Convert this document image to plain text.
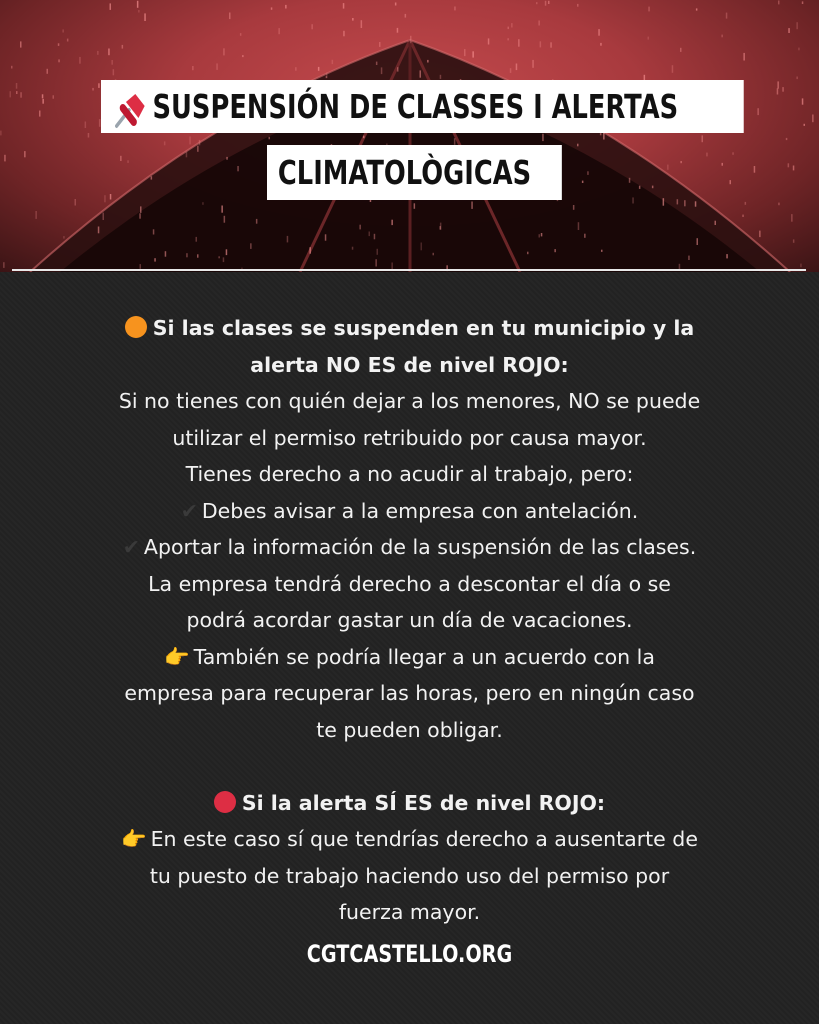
SUSPENSIÓN DE CLASSES I ALERTAS
CLIMATOLÒGICAS
Si las clases se suspenden en tu municipio y la
alerta NO ES de nivel ROJO:
Si no tienes con quién dejar a los menores, NO se puede
utilizar el permiso retribuido por causa mayor.
Tienes derecho a no acudir al trabajo, pero:
✔ Debes avisar a la empresa con antelación.
✔ Aportar la información de la suspensión de las clases.
La empresa tendrá derecho a descontar el día o se
podrá acordar gastar un día de vacaciones.
👉 También se podría llegar a un acuerdo con la
empresa para recuperar las horas, pero en ningún caso
te pueden obligar.
Si la alerta SÍ ES de nivel ROJO:
👉 En este caso sí que tendrías derecho a ausentarte de
tu puesto de trabajo haciendo uso del permiso por
fuerza mayor.
CGTCASTELLO.ORG
